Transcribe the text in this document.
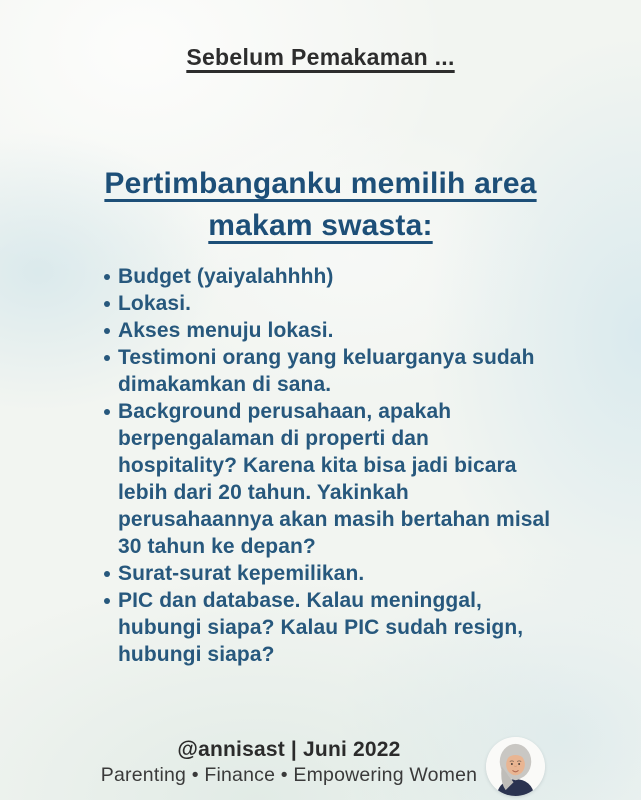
Sebelum Pemakaman ...
Pertimbanganku memilih area
makam swasta:
Budget (yaiyalahhhh)
Lokasi.
Akses menuju lokasi.
Testimoni orang yang keluarganya sudah dimakamkan di sana.
Background perusahaan, apakah berpengalaman di properti dan hospitality? Karena kita bisa jadi bicara lebih dari 20 tahun. Yakinkah perusahaannya akan masih bertahan misal 30 tahun ke depan?
Surat-surat kepemilikan.
PIC dan database. Kalau meninggal, hubungi siapa? Kalau PIC sudah resign, hubungi siapa?
@annisast | Juni 2022
Parenting • Finance • Empowering Women
